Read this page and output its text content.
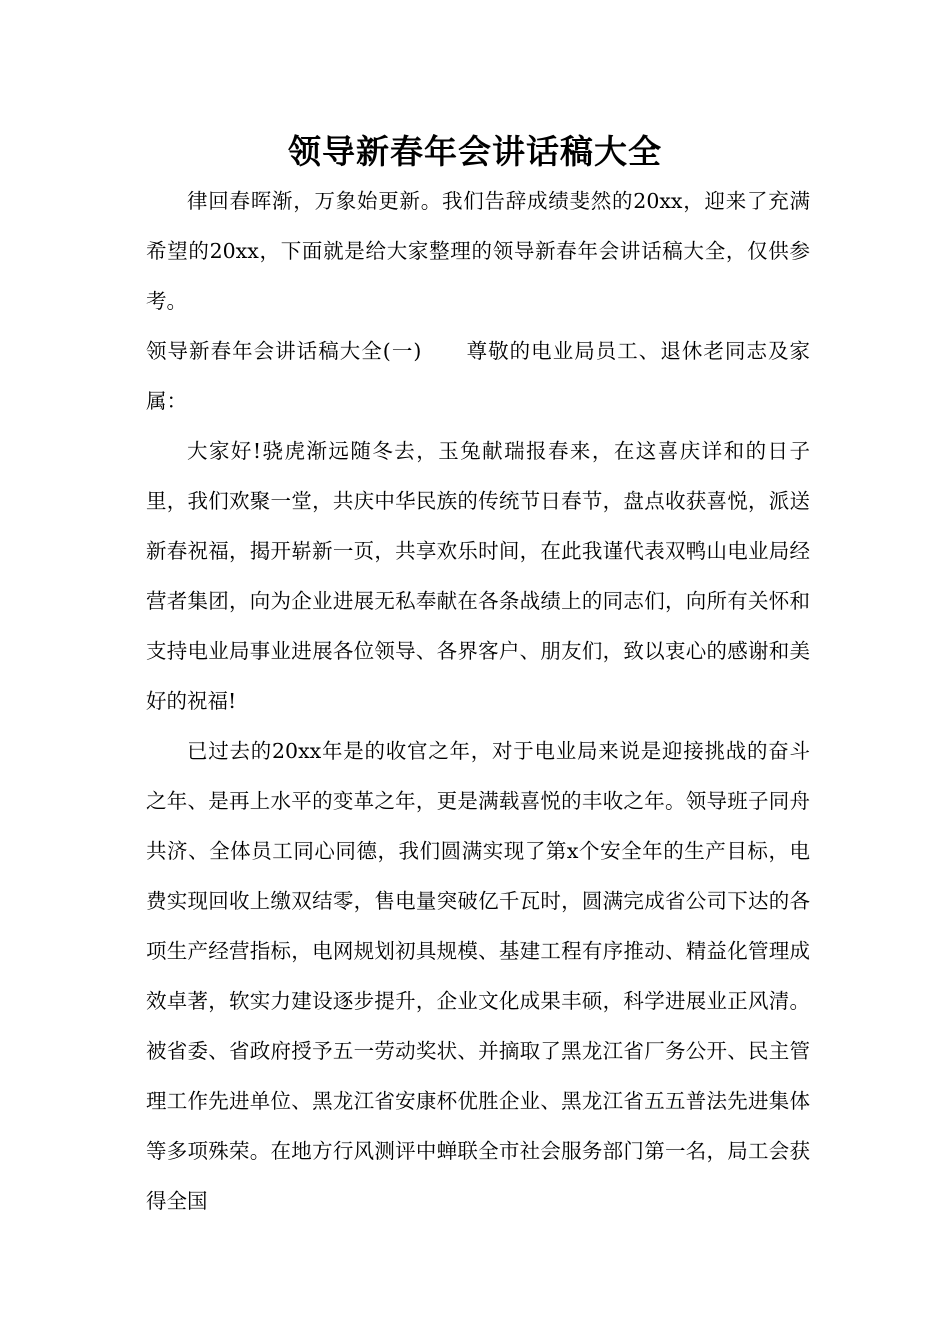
领导新春年会讲话稿大全

律回春晖渐，万象始更新。我们告辞成绩斐然的20xx，迎来了充满希望的20xx，下面就是给大家整理的领导新春年会讲话稿大全，仅供参考。

领导新春年会讲话稿大全(一)      尊敬的电业局员工、退休老同志及家属：

大家好!骁虎渐远随冬去，玉兔献瑞报春来，在这喜庆详和的日子里，我们欢聚一堂，共庆中华民族的传统节日春节，盘点收获喜悦，派送新春祝福，揭开崭新一页，共享欢乐时间，在此我谨代表双鸭山电业局经营者集团，向为企业进展无私奉献在各条战绩上的同志们，向所有关怀和支持电业局事业进展各位领导、各界客户、朋友们，致以衷心的感谢和美好的祝福!

已过去的20xx年是的收官之年，对于电业局来说是迎接挑战的奋斗之年、是再上水平的变革之年，更是满载喜悦的丰收之年。领导班子同舟共济、全体员工同心同德，我们圆满实现了第x个安全年的生产目标，电费实现回收上缴双结零，售电量突破亿千瓦时，圆满完成省公司下达的各项生产经营指标，电网规划初具规模、基建工程有序推动、精益化管理成效卓著，软实力建设逐步提升，企业文化成果丰硕，科学进展业正风清。被省委、省政府授予五一劳动奖状、并摘取了黑龙江省厂务公开、民主管理工作先进单位、黑龙江省安康杯优胜企业、黑龙江省五五普法先进集体等多项殊荣。在地方行风测评中蝉联全市社会服务部门第一名，局工会获得全国
